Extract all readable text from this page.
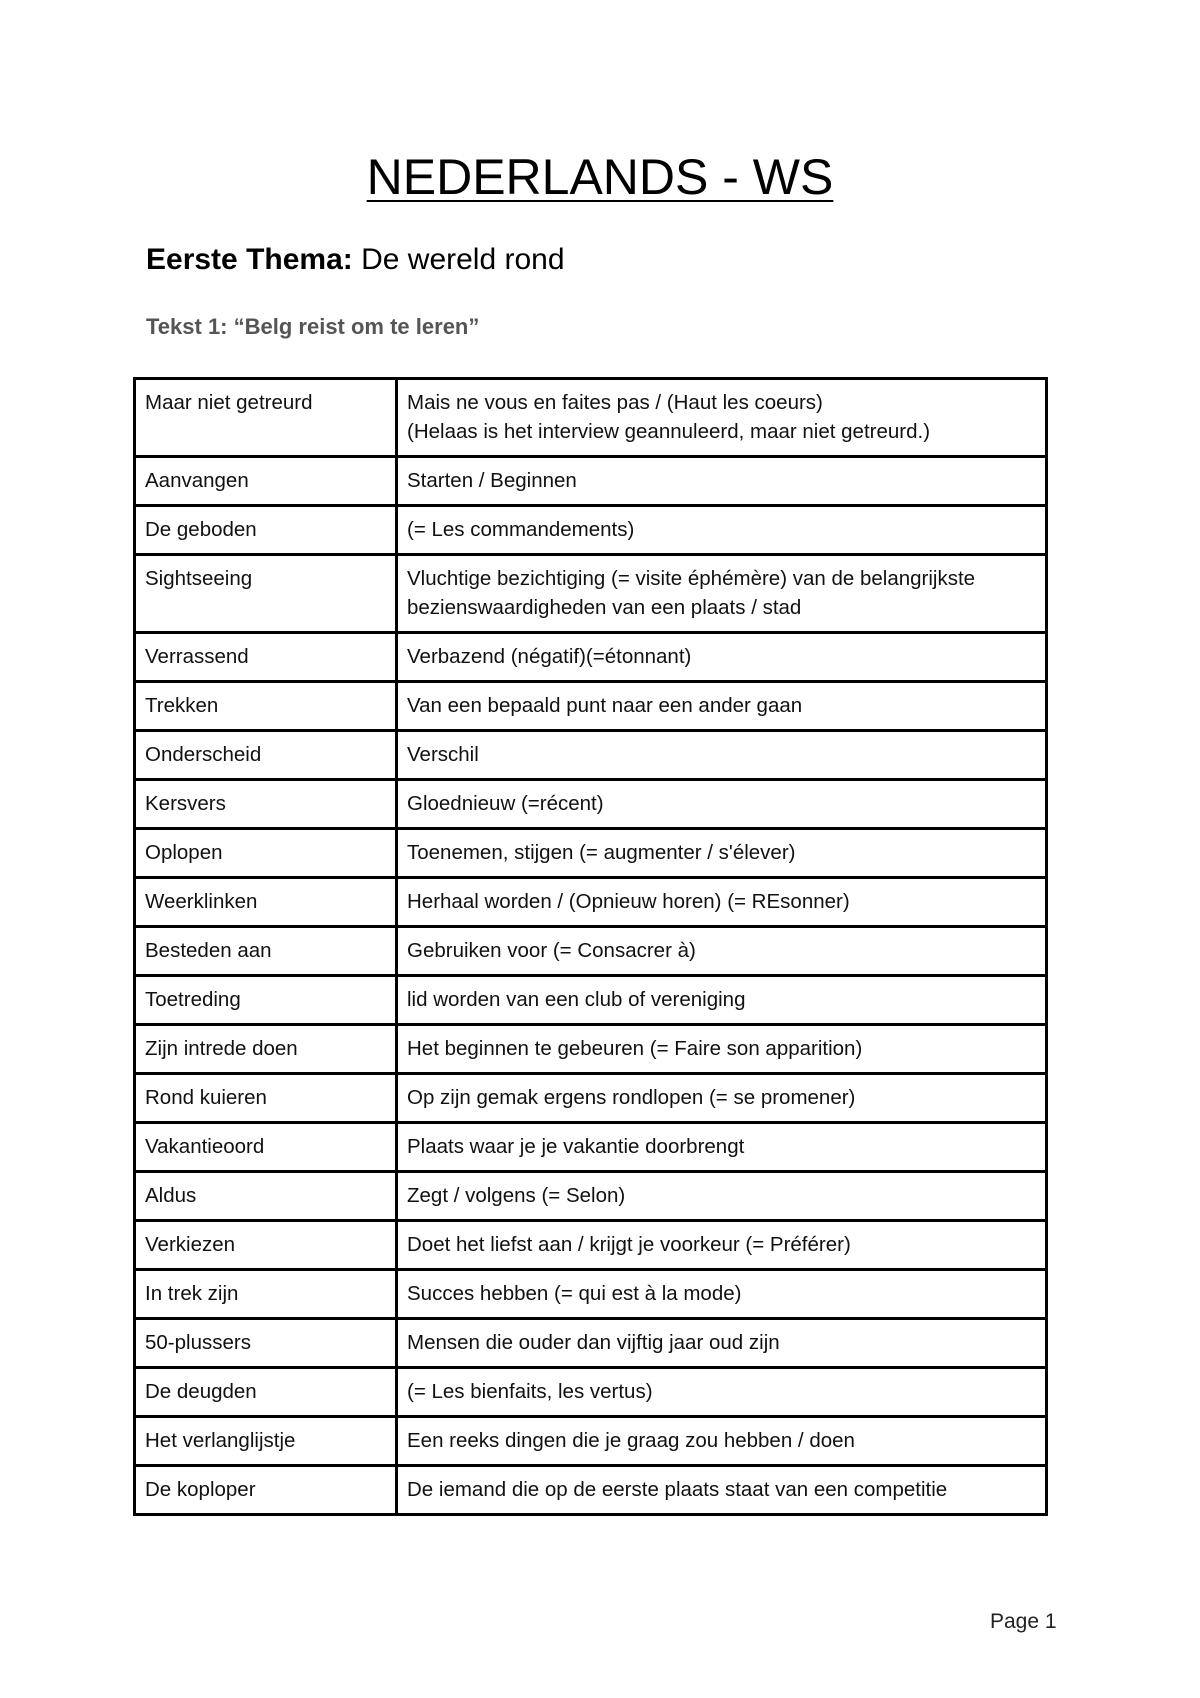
NEDERLANDS - WS
Eerste Thema: De wereld rond
Tekst 1: “Belg reist om te leren”
Maar niet getreurd	Mais ne vous en faites pas / (Haut les coeurs)
(Helaas is het interview geannuleerd, maar niet getreurd.)

Aanvangen	Starten / Beginnen

De geboden	(= Les commandements)

Sightseeing	Vluchtige bezichtiging (= visite éphémère) van de belangrijkste
bezienswaardigheden van een plaats / stad

Verrassend	Verbazend (négatif)(=étonnant)

Trekken	Van een bepaald punt naar een ander gaan

Onderscheid	Verschil

Kersvers	Gloednieuw (=récent)

Oplopen	Toenemen, stijgen (= augmenter / s'élever)

Weerklinken	Herhaal worden / (Opnieuw horen) (= REsonner)

Besteden aan	Gebruiken voor (= Consacrer à)

Toetreding	lid worden van een club of vereniging

Zijn intrede doen	Het beginnen te gebeuren (= Faire son apparition)

Rond kuieren	Op zijn gemak ergens rondlopen (= se promener)

Vakantieoord	Plaats waar je je vakantie doorbrengt

Aldus	Zegt / volgens (= Selon)

Verkiezen	Doet het liefst aan / krijgt je voorkeur (= Préférer)

In trek zijn	Succes hebben (= qui est à la mode)

50-plussers	Mensen die ouder dan vijftig jaar oud zijn

De deugden	(= Les bienfaits, les vertus)

Het verlanglijstje	Een reeks dingen die je graag zou hebben / doen

De koploper	De iemand die op de eerste plaats staat van een competitie
Page 1
